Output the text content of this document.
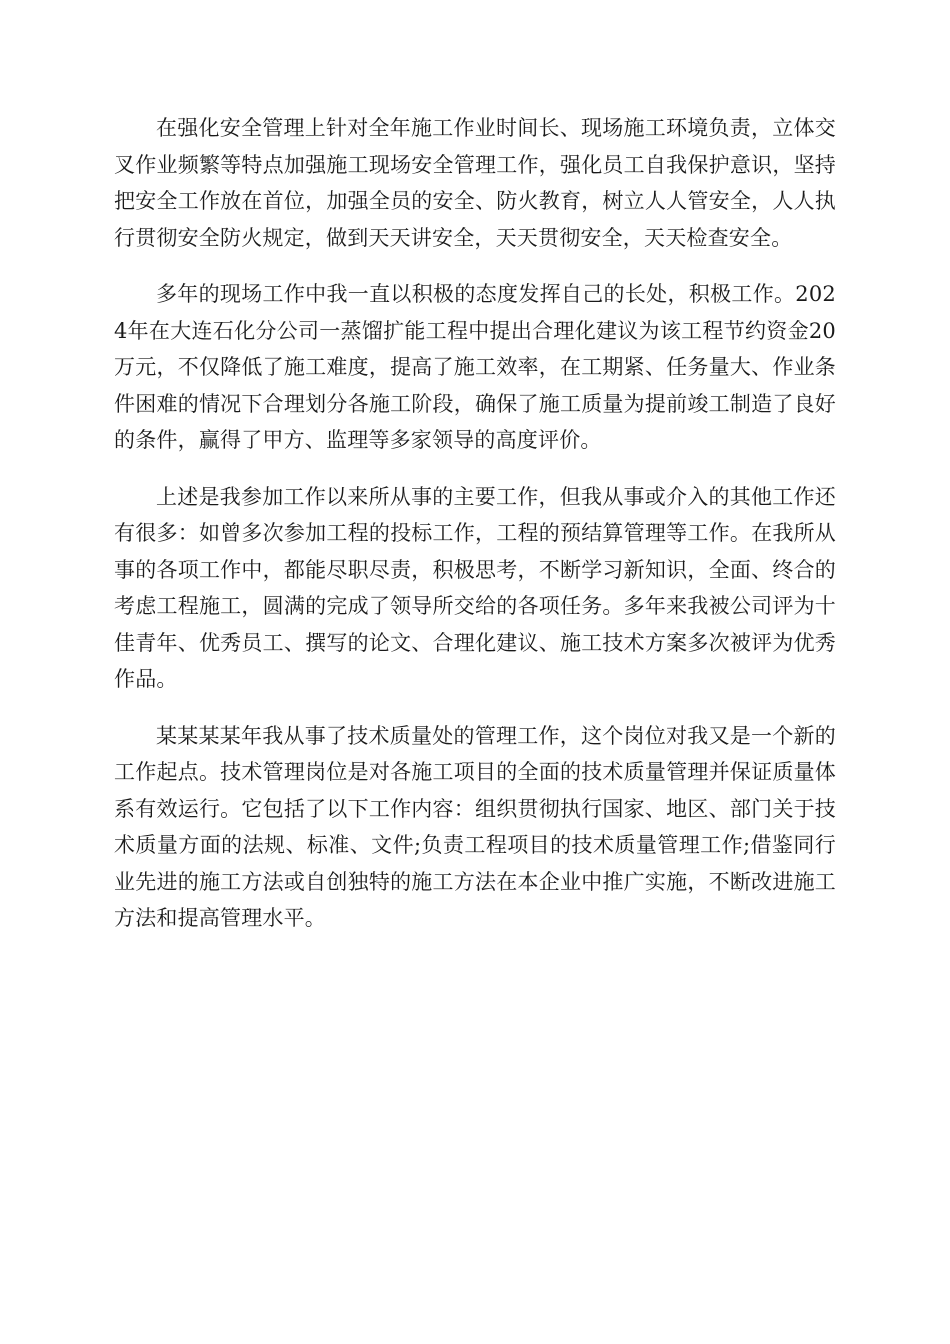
在强化安全管理上针对全年施工作业时间长、现场施工环境负责，立体交叉作业频繁等特点加强施工现场安全管理工作，强化员工自我保护意识，坚持把安全工作放在首位，加强全员的安全、防火教育，树立人人管安全，人人执行贯彻安全防火规定，做到天天讲安全，天天贯彻安全，天天检查安全。

多年的现场工作中我一直以积极的态度发挥自己的长处，积极工作。2024年在大连石化分公司一蒸馏扩能工程中提出合理化建议为该工程节约资金20万元，不仅降低了施工难度，提高了施工效率，在工期紧、任务量大、作业条件困难的情况下合理划分各施工阶段，确保了施工质量为提前竣工制造了良好的条件，赢得了甲方、监理等多家领导的高度评价。

上述是我参加工作以来所从事的主要工作，但我从事或介入的其他工作还有很多：如曾多次参加工程的投标工作，工程的预结算管理等工作。在我所从事的各项工作中，都能尽职尽责，积极思考，不断学习新知识，全面、终合的考虑工程施工，圆满的完成了领导所交给的各项任务。多年来我被公司评为十佳青年、优秀员工、撰写的论文、合理化建议、施工技术方案多次被评为优秀作品。

某某某某年我从事了技术质量处的管理工作，这个岗位对我又是一个新的工作起点。技术管理岗位是对各施工项目的全面的技术质量管理并保证质量体系有效运行。它包括了以下工作内容：组织贯彻执行国家、地区、部门关于技术质量方面的法规、标准、文件;负责工程项目的技术质量管理工作;借鉴同行业先进的施工方法或自创独特的施工方法在本企业中推广实施，不断改进施工方法和提高管理水平。
